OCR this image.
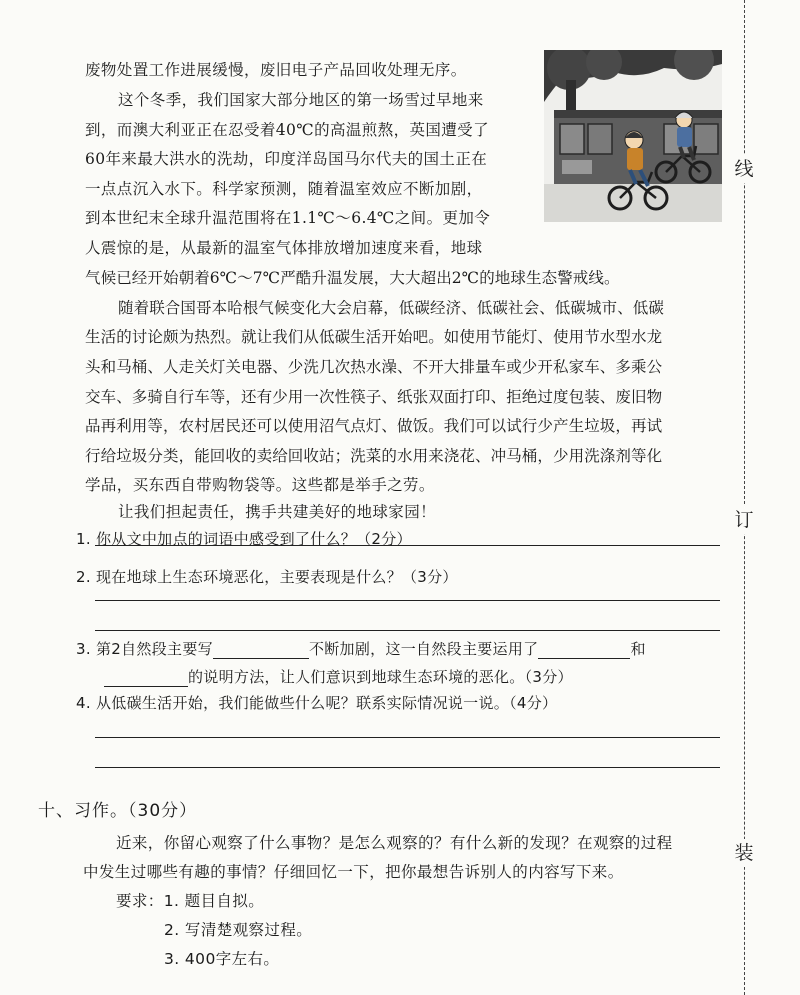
线
订
装
废物处置工作进展缓慢，废旧电子产品回收处理无序。
这个冬季，我们国家大部分地区的第一场雪过早地来
到，而澳大利亚正在忍受着40℃的高温煎熬，英国遭受了
60年来最大洪水的洗劫，印度洋岛国马尔代夫的国土正在
一点点沉入水下。科学家预测，随着温室效应不断加剧，
到本世纪末全球升温范围将在1.1℃～6.4℃之间。更加令
人震惊的是，从最新的温室气体排放增加速度来看，地球
气候已经开始朝着6℃～7℃严酷升温发展，大大超出2℃的地球生态警戒线。
随着联合国哥本哈根气候变化大会启幕，低碳经济、低碳社会、低碳城市、低碳
生活的讨论颇为热烈。就让我们从低碳生活开始吧。如使用节能灯、使用节水型水龙
头和马桶、人走关灯关电器、少洗几次热水澡、不开大排量车或少开私家车、多乘公
交车、多骑自行车等，还有少用一次性筷子、纸张双面打印、拒绝过度包装、废旧物
品再利用等，农村居民还可以使用沼气点灯、做饭。我们可以试行少产生垃圾，再试
行给垃圾分类，能回收的卖给回收站；洗菜的水用来浇花、冲马桶，少用洗涤剂等化
学品，买东西自带购物袋等。这些都是举手之劳。
让我们担起责任，携手共建美好的地球家园！
1. 你从文中加点的词语中感受到了什么？（2分）
2. 现在地球上生态环境恶化，主要表现是什么？（3分）
3. 第2自然段主要写	不断加剧，这一自然段主要运用了	和
的说明方法，让人们意识到地球生态环境的恶化。（3分）
4. 从低碳生活开始，我们能做些什么呢？联系实际情况说一说。（4分）
十、习作。（30分）
近来，你留心观察了什么事物？是怎么观察的？有什么新的发现？在观察的过程
中发生过哪些有趣的事情？仔细回忆一下，把你最想告诉别人的内容写下来。
要求：1. 题目自拟。
2. 写清楚观察过程。
3. 400字左右。
